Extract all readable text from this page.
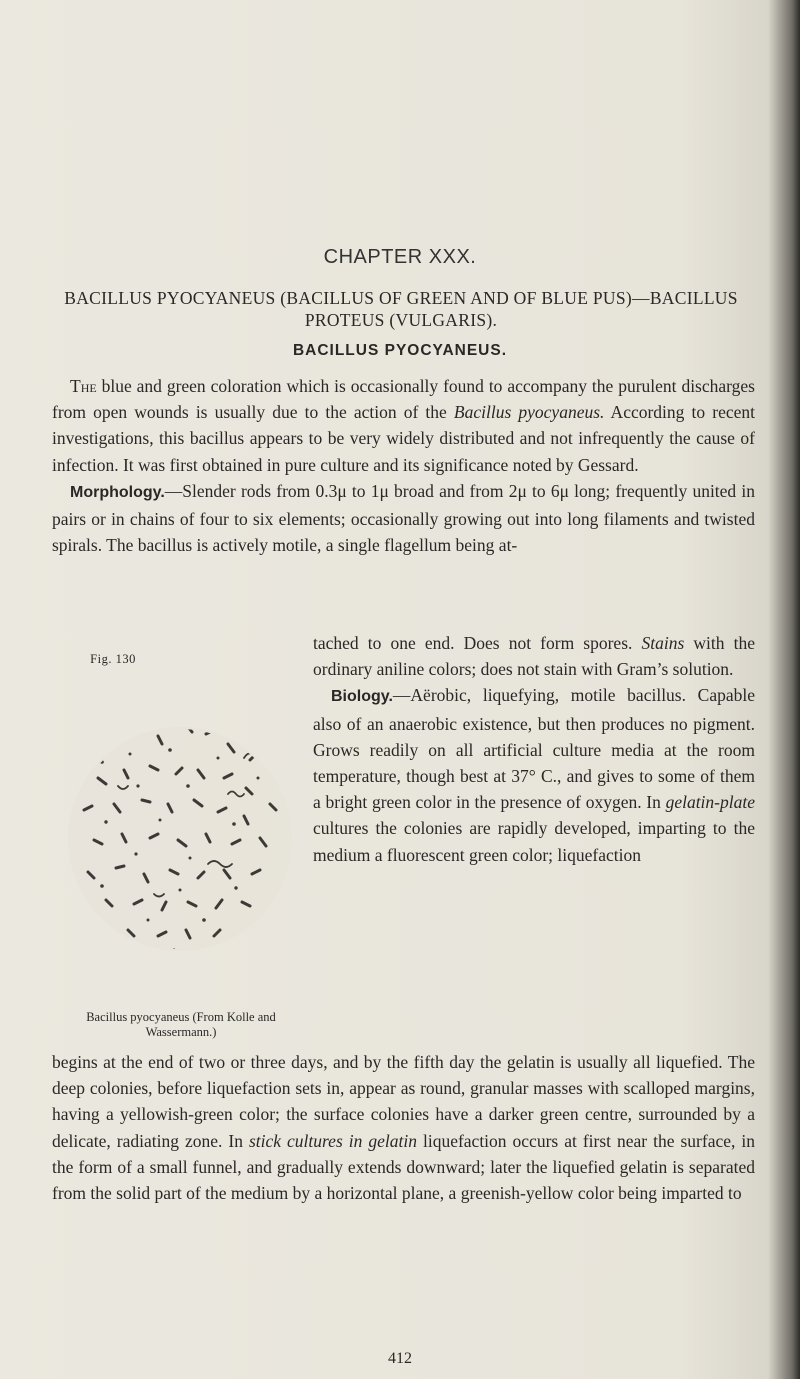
CHAPTER XXX.
BACILLUS PYOCYANEUS (BACILLUS OF GREEN AND OF BLUE PUS)—BACILLUS PROTEUS (VULGARIS).
BACILLUS PYOCYANEUS.

The blue and green coloration which is occasionally found to accompany the purulent discharges from open wounds is usually due to the action of the Bacillus pyocyaneus. According to recent investigations, this bacillus appears to be very widely distributed and not infrequently the cause of infection. It was first obtained in pure culture and its significance noted by Gessard.

Morphology.—Slender rods from 0.3μ to 1μ broad and from 2μ to 6μ long; frequently united in pairs or in chains of four to six elements; occasionally growing out into long filaments and twisted spirals. The bacillus is actively motile, a single flagellum being at-

tached to one end. Does not form spores. Stains with the ordinary aniline colors; does not stain with Gram’s solution.

Biology.—Aërobic, liquefying, motile bacillus. Capable also of an anaerobic existence, but then produces no pigment. Grows readily on all artificial culture media at the room temperature, though best at 37° C., and gives to some of them a bright green color in the presence of oxygen. In gelatin-plate cultures the colonies are rapidly developed, imparting to the medium a fluorescent green color; liquefaction

Fig. 130
Bacillus pyocyaneus (From Kolle and Wassermann.)

begins at the end of two or three days, and by the fifth day the gelatin is usually all liquefied. The deep colonies, before liquefaction sets in, appear as round, granular masses with scalloped margins, having a yellowish-green color; the surface colonies have a darker green centre, surrounded by a delicate, radiating zone. In stick cultures in gelatin liquefaction occurs at first near the surface, in the form of a small funnel, and gradually extends downward; later the liquefied gelatin is separated from the solid part of the medium by a horizontal plane, a greenish-yellow color being imparted to

412
